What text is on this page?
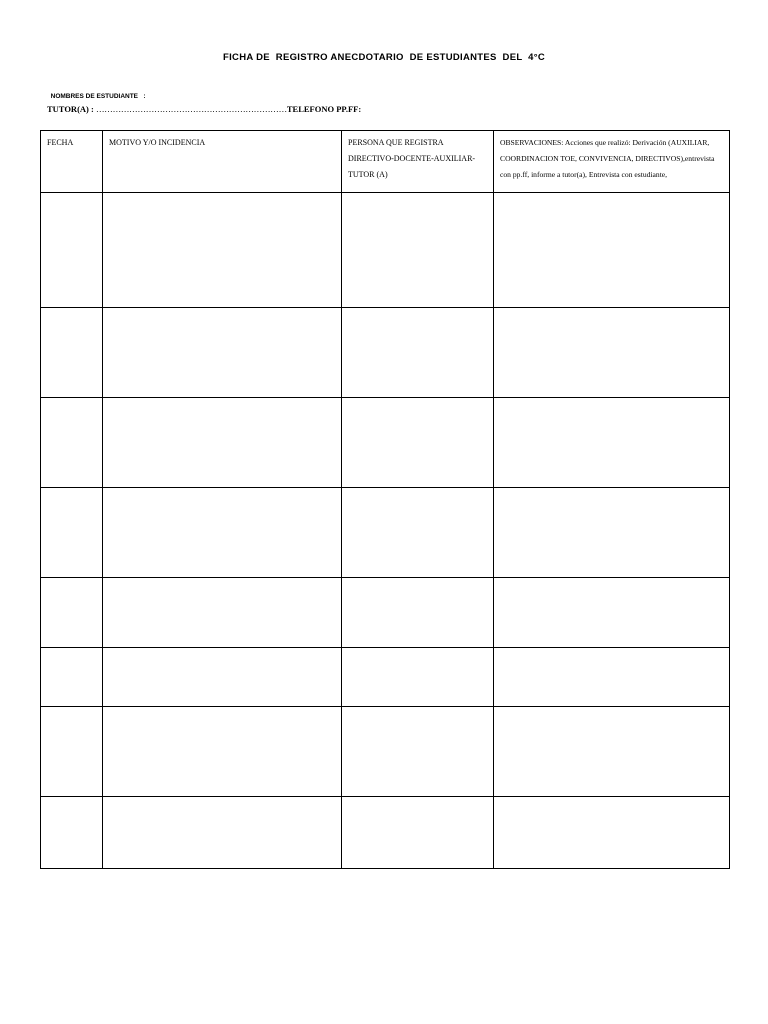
FICHA DE  REGISTRO ANECDOTARIO  DE ESTUDIANTES  DEL  4°C

NOMBRES DE ESTUDIANTE   :

TUTOR(A) : ……………………………………………………………TELEFONO PP.FF:
FECHA	MOTIVO Y/O INCIDENCIA	PERSONA QUE REGISTRA DIRECTIVO-DOCENTE-AUXILIAR-TUTOR (A)	OBSERVACIONES: Acciones que realizó: Derivación (AUXILIAR, COORDINACION TOE, CONVIVENCIA, DIRECTIVOS),entrevista con pp.ff, informe a tutor(a), Entrevista con estudiante,
